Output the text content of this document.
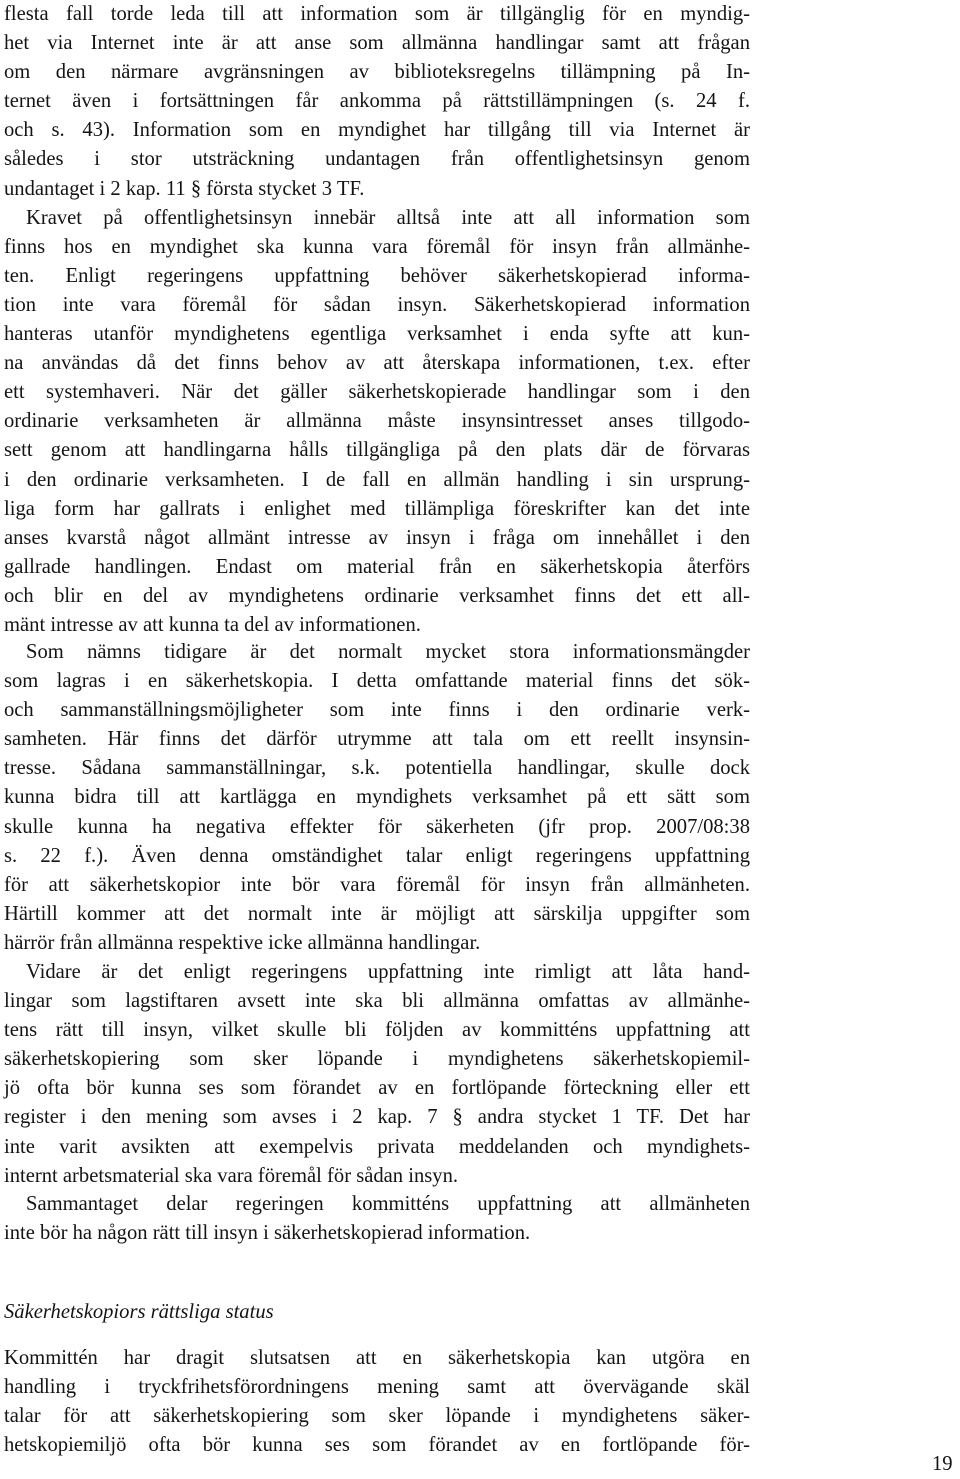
flesta fall torde leda till att information som är tillgänglig för en myndig-
het via Internet inte är att anse som allmänna handlingar samt att frågan
om den närmare avgränsningen av biblioteksregelns tillämpning på In-
ternet även i fortsättningen får ankomma på rättstillämpningen (s. 24 f.
och s. 43). Information som en myndighet har tillgång till via Internet är
således i stor utsträckning undantagen från offentlighetsinsyn genom
undantaget i 2 kap. 11 § första stycket 3 TF.
Kravet på offentlighetsinsyn innebär alltså inte att all information som
finns hos en myndighet ska kunna vara föremål för insyn från allmänhe-
ten. Enligt regeringens uppfattning behöver säkerhetskopierad informa-
tion inte vara föremål för sådan insyn. Säkerhetskopierad information
hanteras utanför myndighetens egentliga verksamhet i enda syfte att kun-
na användas då det finns behov av att återskapa informationen, t.ex. efter
ett systemhaveri. När det gäller säkerhetskopierade handlingar som i den
ordinarie verksamheten är allmänna måste insynsintresset anses tillgodo-
sett genom att handlingarna hålls tillgängliga på den plats där de förvaras
i den ordinarie verksamheten. I de fall en allmän handling i sin ursprung-
liga form har gallrats i enlighet med tillämpliga föreskrifter kan det inte
anses kvarstå något allmänt intresse av insyn i fråga om innehållet i den
gallrade handlingen. Endast om material från en säkerhetskopia återförs
och blir en del av myndighetens ordinarie verksamhet finns det ett all-
mänt intresse av att kunna ta del av informationen.
Som nämns tidigare är det normalt mycket stora informationsmängder
som lagras i en säkerhetskopia. I detta omfattande material finns det sök-
och sammanställningsmöjligheter som inte finns i den ordinarie verk-
samheten. Här finns det därför utrymme att tala om ett reellt insynsin-
tresse. Sådana sammanställningar, s.k. potentiella handlingar, skulle dock
kunna bidra till att kartlägga en myndighets verksamhet på ett sätt som
skulle kunna ha negativa effekter för säkerheten (jfr prop. 2007/08:38
s. 22 f.). Även denna omständighet talar enligt regeringens uppfattning
för att säkerhetskopior inte bör vara föremål för insyn från allmänheten.
Härtill kommer att det normalt inte är möjligt att särskilja uppgifter som
härrör från allmänna respektive icke allmänna handlingar.
Vidare är det enligt regeringens uppfattning inte rimligt att låta hand-
lingar som lagstiftaren avsett inte ska bli allmänna omfattas av allmänhe-
tens rätt till insyn, vilket skulle bli följden av kommitténs uppfattning att
säkerhetskopiering som sker löpande i myndighetens säkerhetskopiemil-
jö ofta bör kunna ses som förandet av en fortlöpande förteckning eller ett
register i den mening som avses i 2 kap. 7 § andra stycket 1 TF. Det har
inte varit avsikten att exempelvis privata meddelanden och myndighets-
internt arbetsmaterial ska vara föremål för sådan insyn.
Sammantaget delar regeringen kommitténs uppfattning att allmänheten
inte bör ha någon rätt till insyn i säkerhetskopierad information.
Säkerhetskopiors rättsliga status
Kommittén har dragit slutsatsen att en säkerhetskopia kan utgöra en
handling i tryckfrihetsförordningens mening samt att övervägande skäl
talar för att säkerhetskopiering som sker löpande i myndighetens säker-
hetskopiemiljö ofta bör kunna ses som förandet av en fortlöpande för-
19
